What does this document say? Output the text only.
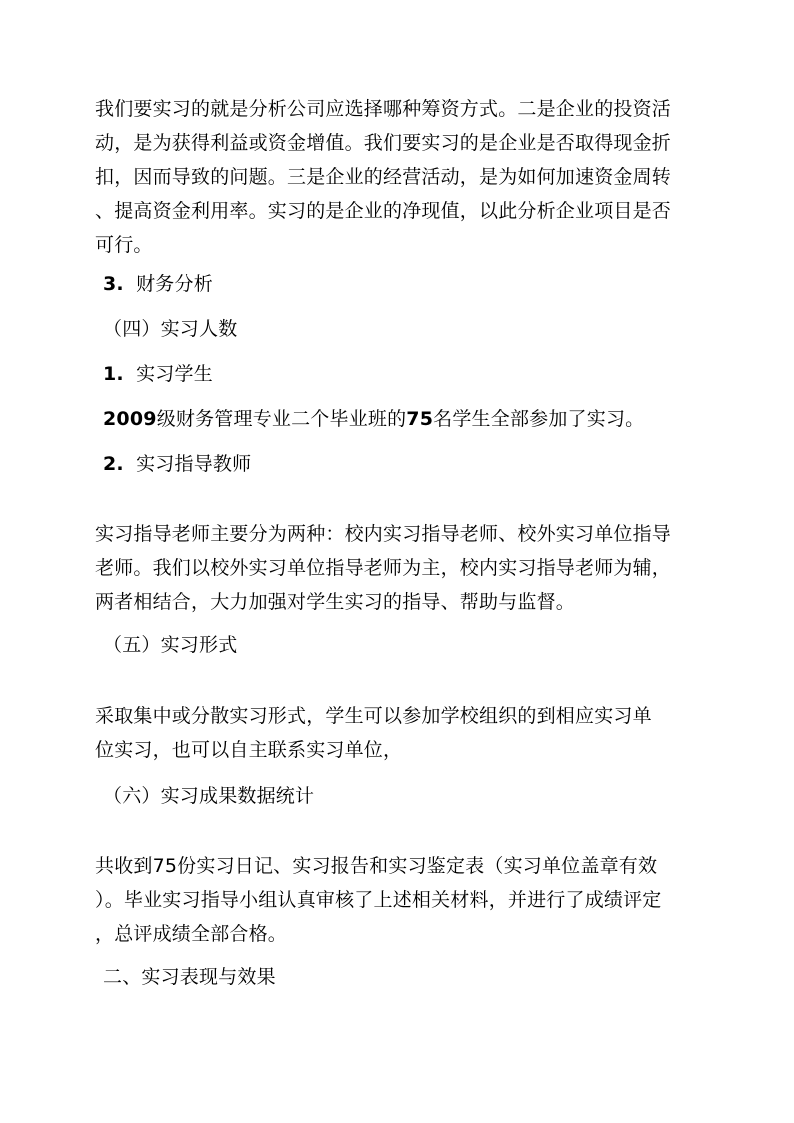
我们要实习的就是分析公司应选择哪种筹资方式。二是企业的投资活
动，是为获得利益或资金增值。我们要实习的是企业是否取得现金折
扣，因而导致的问题。三是企业的经营活动，是为如何加速资金周转
、提高资金利用率。实习的是企业的净现值，以此分析企业项目是否
可行。
3. 财务分析
（四）实习人数
1. 实习学生
2009级财务管理专业二个毕业班的75名学生全部参加了实习。
2. 实习指导教师
实习指导老师主要分为两种：校内实习指导老师、校外实习单位指导
老师。我们以校外实习单位指导老师为主，校内实习指导老师为辅，
两者相结合，大力加强对学生实习的指导、帮助与监督。
（五）实习形式
采取集中或分散实习形式，学生可以参加学校组织的到相应实习单
位实习，也可以自主联系实习单位，
（六）实习成果数据统计
共收到75份实习日记、实习报告和实习鉴定表（实习单位盖章有效
）。毕业实习指导小组认真审核了上述相关材料，并进行了成绩评定
，总评成绩全部合格。
二、实习表现与效果
